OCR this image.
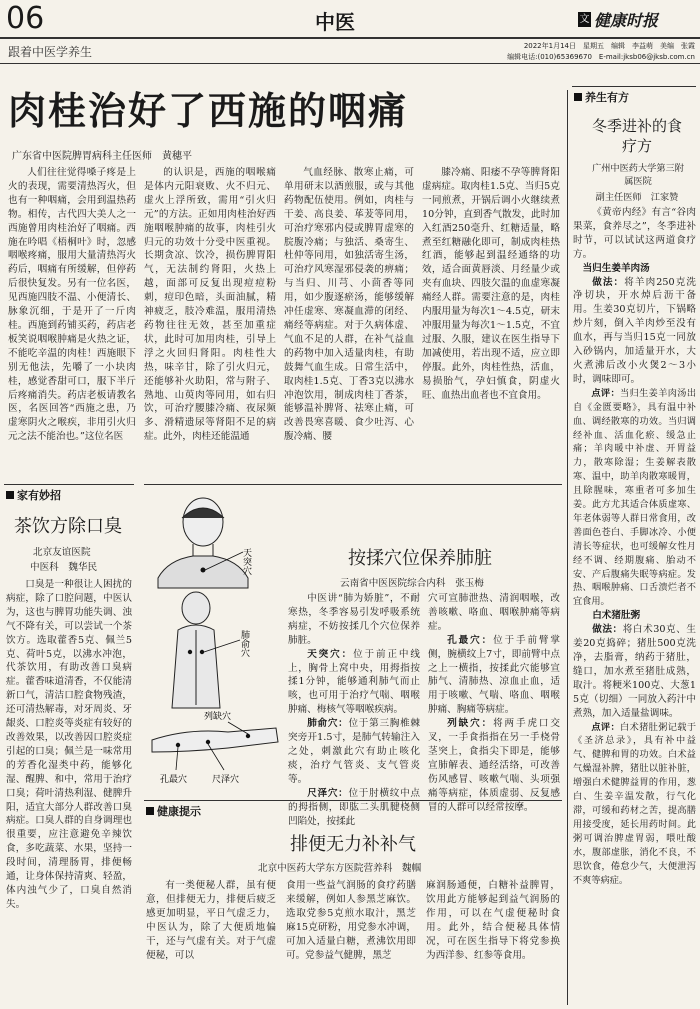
06	中医	文 健康时报
跟着中医学养生	2022年1月14日　星期五　编辑　李益萌　美编　张霞
编辑电话:(010)65369670　E-mail:jksb06@jksb.com.cn
肉桂治好了西施的咽痛
广东省中医院脾胃病科主任医师　黄穗平

人们往往觉得嗓子疼是上火的表现，需要清热泻火，但也有一种咽痛，会用到温热药物。相传，古代四大美人之一西施曾用肉桂治好了咽痛。西施在吟唱《梧桐叶》时，忽感咽喉疼痛，服用大量清热泻火药后，咽痛有所缓解，但停药后很快复发。另有一位名医，见西施四肢不温、小便清长、脉象沉细，于是开了一斤肉桂。西施到药铺买药，药店老板笑说咽喉肿痛是火热之证，不能吃辛温的肉桂！西施眼下别无他法，先嚼了一小块肉桂，感觉香甜可口，服下半斤后疼痛消失。药店老板请教名医，名医回答“西施之患，乃虚寒阴火之喉疾，非用引火归元之法不能治也。”这位名医

的认识是，西施的咽喉痛是体内元阳衰败、火不归元、虚火上浮所致，需用“引火归元”的方法。正如用肉桂治好西施咽喉肿痛的故事，肉桂引火归元的功效十分受中医重视。长期贪凉、饮冷，损伤脾胃阳气，无法制约肾阳，火热上越，面部可反复出现痘痘粉刺，痘印色暗，头面油腻，精神疲乏，肢冷难温，服用清热药物往往无效，甚至加重症状，此时可加用肉桂，引导上浮之火回归肾阳。肉桂性大热，味辛甘，除了引火归元，还能够补火助阳，常与附子、熟地、山萸肉等同用，如右归饮，可治疗腰膝冷痛、夜尿频多、滑精遗尿等肾阳不足的病症。此外，肉桂还能温通

气血经脉、散寒止痛，可单用研末以酒煎服，或与其他药物配伍使用。例如，肉桂与干姜、高良姜、荜茇等同用，可治疗寒邪内侵或脾胃虚寒的脘腹冷痛；与独活、桑寄生、杜仲等同用，如独活寄生汤，可治疗风寒湿邪侵袭的痹痛；与当归、川芎、小茴香等同用，如少腹逐瘀汤，能够缓解冲任虚寒、寒凝血滞的闭经、痛经等病症。对于久病体虚、气血不足的人群，在补气益血的药物中加入适量肉桂，有助鼓舞气血生成。日常生活中，取肉桂1.5克、丁香3克以沸水冲泡饮用，制成肉桂丁香茶，能够温补脾肾、祛寒止痛，可改善畏寒喜暖、食少吐泻、心腹冷痛、腰

膝冷痛、阳痿不孕等脾肾阳虚病症。取肉桂1.5克、当归5克一同煎煮，开锅后调小火继续煮10分钟，直到香气散发，此时加入红酒250毫升、红糖适量，略煮至红糖融化即可，制成肉桂热红酒，能够起到温经通络的功效，适合面黄唇淡、月经量少或夹有血块、四肢欠温的血虚寒凝痛经人群。需要注意的是，肉桂内服用量为每次1～4.5克，研末冲服用量为每次1～1.5克，不宜过服、久服，建议在医生指导下加减使用，若出现不适，应立即停服。此外，肉桂性热，活血，易损胎气，孕妇慎食，阴虚火旺、血热出血者也不宜食用。

家有妙招
茶饮方除口臭
北京友谊医院
中医科　魏华民

口臭是一种很让人困扰的病症，除了口腔问题，中医认为，这也与脾胃功能失调、浊气不降有关，可以尝试一个茶饮方。选取藿香5克、佩兰5克、荷叶5克，以沸水冲泡，代茶饮用，有助改善口臭病症。藿香味道清香，不仅能清新口气，清洁口腔食物残渣，还可清热解毒，对牙周炎、牙龈炎、口腔炎等炎症有较好的改善效果，以改善因口腔炎症引起的口臭；佩兰是一味常用的芳香化湿类中药，能够化湿、醒脾、和中，常用于治疗口臭；荷叶清热利湿、健脾升阳，适宜大部分人群改善口臭病症。口臭人群的自身调理也很重要，应注意避免辛辣饮食，多吃蔬菜、水果，坚持一段时间，清理肠胃，排便畅通，让身体保持清爽、轻盈，体内浊气少了，口臭自然消失。

天突穴
肺俞穴
列缺穴
孔最穴	尺泽穴
按揉穴位保养肺脏
云南省中医医院综合内科　张玉梅

中医讲“肺为娇脏”，不耐寒热，冬季容易引发呼吸系统病症，不妨按揉几个穴位保养肺脏。

天突穴：位于前正中线上，胸骨上窝中央，用拇指按揉1分钟，能够通利肺气而止咳，也可用于治疗气喘、咽喉肿痛、梅核气等咽喉疾病。

肺俞穴：位于第三胸椎棘突旁开1.5寸，是肺气转输注入之处，刺激此穴有助止咳化痰，治疗气管炎、支气管炎等。

尺泽穴：位于肘横纹中点的拇指侧，即肱二头肌腱桡侧凹陷处，按揉此

穴可宣肺泄热、清润咽喉，改善咳嗽、咯血、咽喉肿痛等病症。

孔最穴：位于手前臂掌侧，腕横纹上7寸，即前臂中点之上一横指，按揉此穴能够宣肺气、清肺热、凉血止血，适用于咳嗽、气喘、咯血、咽喉肿痛、胸痛等病症。

列缺穴：将两手虎口交叉，一手食指指在另一手桡骨茎突上，食指尖下即是，能够宣肺解表、通经活络，可改善伤风感冒、咳嗽气喘、头项强痛等病症，体质虚弱、反复感冒的人群可以经常按摩。

健康提示
排便无力补补气
北京中医药大学东方医院营养科　魏帼

有一类便秘人群，虽有便意，但排便无力，排便后疲乏感更加明显，平日气虚乏力，中医认为，除了大便质地偏干，还与气虚有关。对于气虚便秘，可以

食用一些益气润肠的食疗药膳来缓解，例如人参黑芝麻饮。选取党参5克煎水取汁，黑芝麻15克研粉，用党参水冲调，可加入适量白糖，煮沸饮用即可。党参益气健脾，黑芝

麻润肠通便，白糖补益脾胃，饮用此方能够起到益气润肠的作用，可以在气虚便秘时食用。此外，结合便秘具体情况，可在医生指导下将党参换为西洋参、红参等食用。

养生有方
冬季进补的食疗方
广州中医药大学第三附属医院
副主任医师　江家赞

《黄帝内经》有言“谷肉果菜，食养尽之”，冬季进补时节，可以试试这两道食疗方。

当归生姜羊肉汤

做法：将羊肉250克洗净切块，开水焯后沥干备用。生姜30克切片，下锅略炒片刻，倒入羊肉炒至没有血水，再与当归15克一同放入砂锅内，加适量开水，大火煮沸后改小火煲2～3小时，调味即可。

点评：当归生姜羊肉汤出自《金匮要略》，具有温中补血、调经散寒的功效。当归调经补血、活血化瘀、缓急止痛；羊肉暖中补虚、开胃益力，散寒除湿；生姜解表散寒、温中，助羊肉散寒暖胃，且除腥味，寒重者可多加生姜。此方尤其适合体质虚寒、年老体弱等人群日常食用，改善面色苍白、手脚冰冷、小便清长等症状，也可缓解女性月经不调、经期腹痛、胎动不安、产后腹痛失眠等病症。发热、咽喉肿痛、口舌溃烂者不宜食用。

白术猪肚粥

做法：将白术30克、生姜20克捣碎；猪肚500克洗净，去脂膏，纳药于猪肚，缝口，加水煮至猪肚成熟，取汁。将粳米100克、大葱15克（切细）一同放入药汁中煮熟，加入适量盐调味。

点评：白术猪肚粥记载于《圣济总录》，具有补中益气、健脾和胃的功效。白术益气燥湿补脾，猪肚以脏补脏，增强白术健脾益胃的作用，葱白、生姜辛温发散，行气化滞，可缓和药材之苦，提高膳用接受度，延长用药时间。此粥可调治脾虚胃弱，喂吐酸水，腹部虚胀，消化不良，不思饮食，倦怠少气，大便泄泻不爽等病症。
